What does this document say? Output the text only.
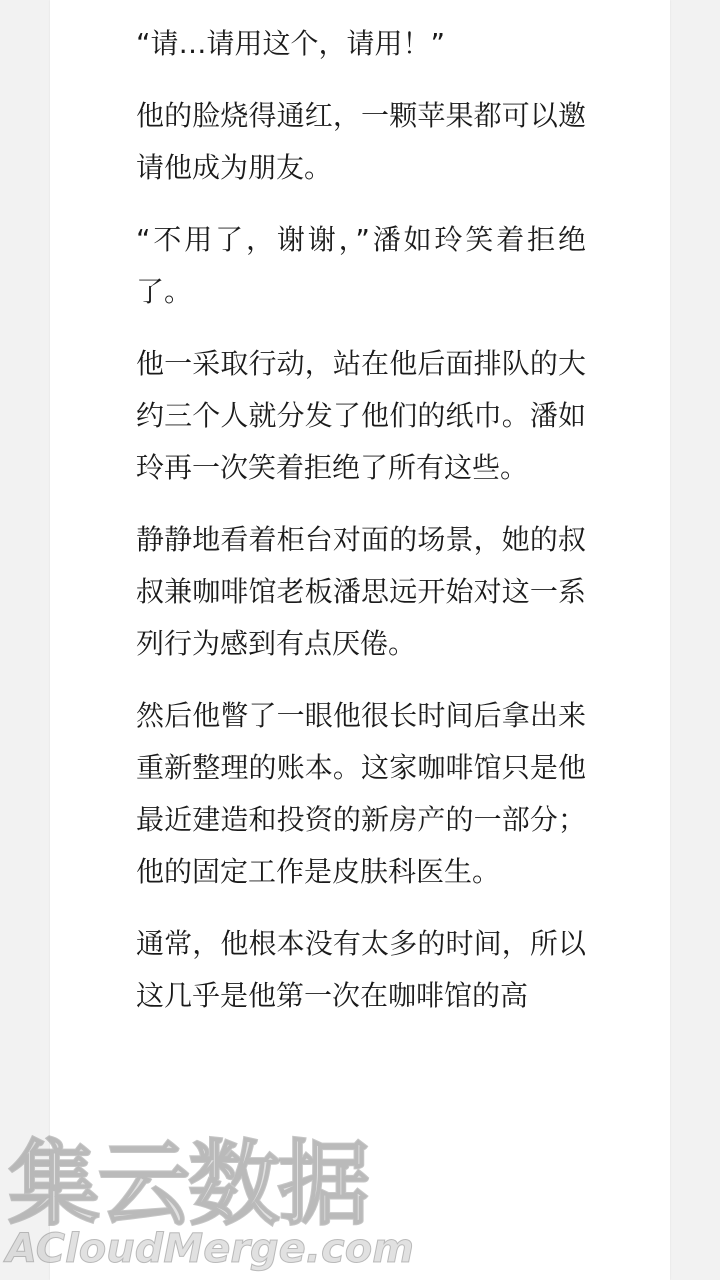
“请…请用这个，请用！”

他的脸烧得通红，一颗苹果都可以邀请他成为朋友。

“不用了，谢谢，”潘如玲笑着拒绝了。

他一采取行动，站在他后面排队的大约三个人就分发了他们的纸巾。潘如玲再一次笑着拒绝了所有这些。

静静地看着柜台对面的场景，她的叔叔兼咖啡馆老板潘思远开始对这一系列行为感到有点厌倦。

然后他瞥了一眼他很长时间后拿出来重新整理的账本。这家咖啡馆只是他最近建造和投资的新房产的一部分；他的固定工作是皮肤科医生。

通常，他根本没有太多的时间，所以这几乎是他第一次在咖啡馆的高

集云数据
ACloudMerge.com
